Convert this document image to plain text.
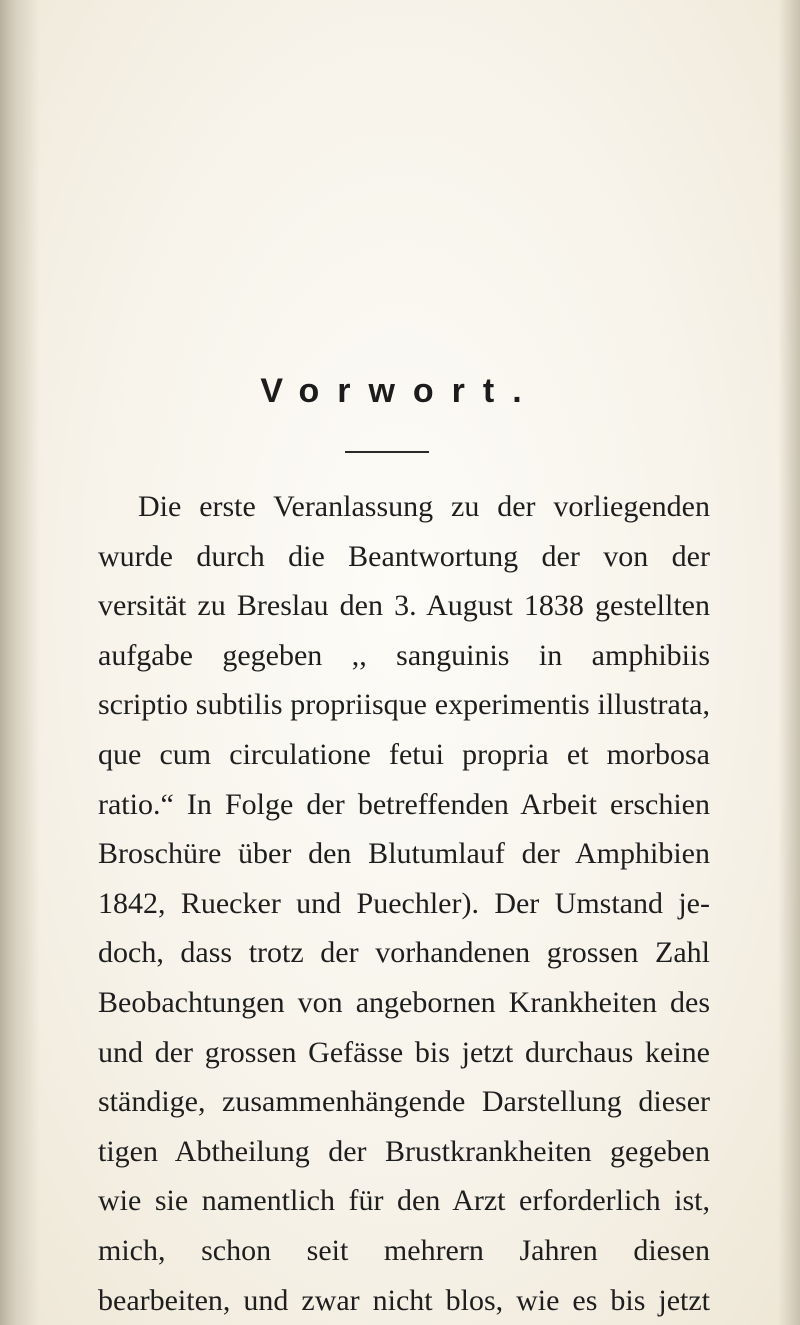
Vorwort.
Die erste Veranlassung zu der vorliegenden
wurde durch die Beantwortung der von der
versität zu Breslau den 3. August 1838 gestellten
aufgabe gegeben ,, sanguinis in amphibiis
scriptio subtilis propriisque experimentis illustrata,
que cum circulatione fetui propria et morbosa
ratio.“ In Folge der betreffenden Arbeit erschien
Broschüre über den Blutumlauf der Amphibien
1842, Ruecker und Puechler). Der Umstand je-
doch, dass trotz der vorhandenen grossen Zahl
Beobachtungen von angebornen Krankheiten des
und der grossen Gefässe bis jetzt durchaus keine
ständige, zusammenhängende Darstellung dieser
tigen Abtheilung der Brustkrankheiten gegeben
wie sie namentlich für den Arzt erforderlich ist,
mich, schon seit mehrern Jahren diesen
bearbeiten, und zwar nicht blos, wie es bis jetzt
